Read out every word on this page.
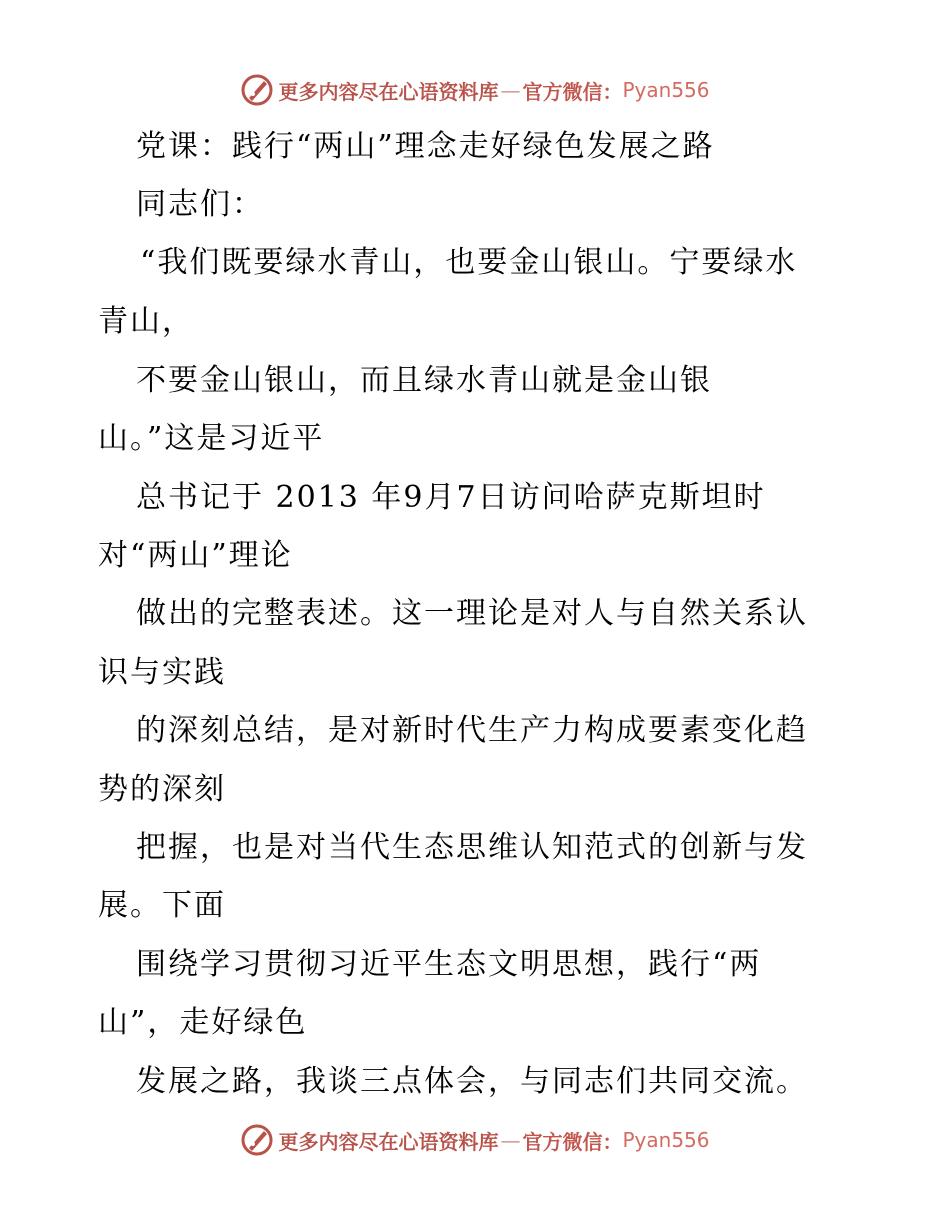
更多内容尽在心语资料库 — 官方微信： Pyan556
党课：践行“两山”理念走好绿色发展之路
同志们：
“我们既要绿水青山，也要金山银山。宁要绿水
青山，
不要金山银山，而且绿水青山就是金山银
山。”这是习近平
总书记于 2013 年9月7日访问哈萨克斯坦时
对“两山”理论
做出的完整表述。这一理论是对人与自然关系认
识与实践
的深刻总结，是对新时代生产力构成要素变化趋
势的深刻
把握，也是对当代生态思维认知范式的创新与发
展。下面
围绕学习贯彻习近平生态文明思想，践行“两
山”，走好绿色
发展之路，我谈三点体会，与同志们共同交流。
更多内容尽在心语资料库 — 官方微信： Pyan556
